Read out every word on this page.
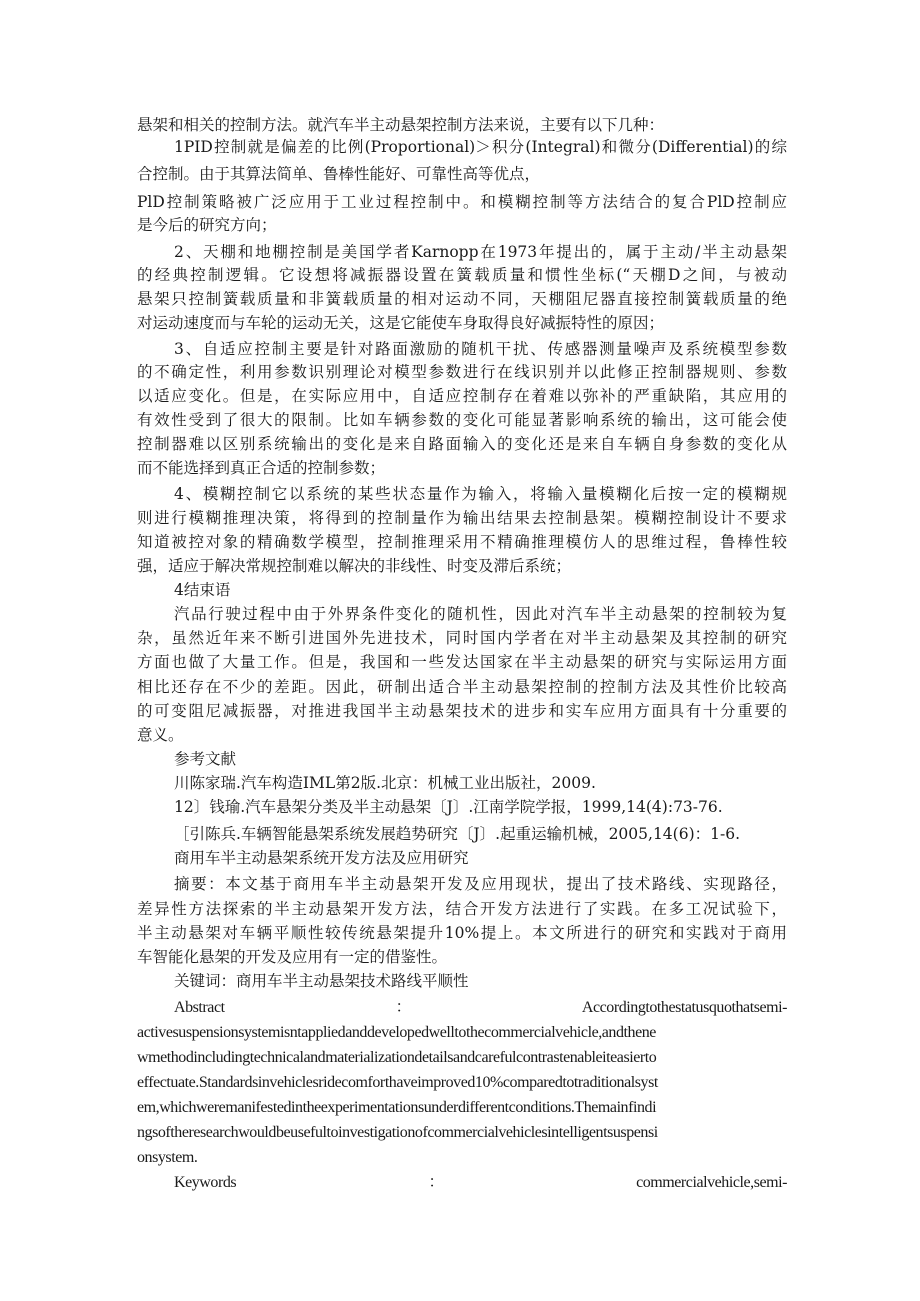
悬架和相关的控制方法。就汽车半主动悬架控制方法来说，主要有以下几种：
1PID控制就是偏差的比例(Proportional)＞积分(Integral)和微分(Differential)的综
合控制。由于其算法简单、鲁棒性能好、可靠性高等优点，
PlD控制策略被广泛应用于工业过程控制中。和模糊控制等方法结合的复合PlD控制应
是今后的研究方向；
2、天棚和地棚控制是美国学者Karnopp在1973年提出的，属于主动/半主动悬架
的经典控制逻辑。它设想将减振器设置在簧载质量和惯性坐标(“天棚D之间，与被动
悬架只控制簧载质量和非簧载质量的相对运动不同，天棚阻尼器直接控制簧载质量的绝
对运动速度而与车轮的运动无关，这是它能使车身取得良好减振特性的原因；
3、自适应控制主要是针对路面激励的随机干扰、传感器测量噪声及系统模型参数
的不确定性，利用参数识别理论对模型参数进行在线识别并以此修正控制器规则、参数
以适应变化。但是，在实际应用中，自适应控制存在着难以弥补的严重缺陷，其应用的
有效性受到了很大的限制。比如车辆参数的变化可能显著影响系统的输出，这可能会使
控制器难以区别系统输出的变化是来自路面输入的变化还是来自车辆自身参数的变化从
而不能选择到真正合适的控制参数；
4、模糊控制它以系统的某些状态量作为输入，将输入量模糊化后按一定的模糊规
则进行模糊推理决策，将得到的控制量作为输出结果去控制悬架。模糊控制设计不要求
知道被控对象的精确数学模型，控制推理采用不精确推理模仿人的思维过程，鲁棒性较
强，适应于解决常规控制难以解决的非线性、时变及滞后系统；
4结束语
汽品行驶过程中由于外界条件变化的随机性，因此对汽车半主动悬架的控制较为复
杂，虽然近年来不断引进国外先进技术，同时国内学者在对半主动悬架及其控制的研究
方面也做了大量工作。但是，我国和一些发达国家在半主动悬架的研究与实际运用方面
相比还存在不少的差距。因此，研制出适合半主动悬架控制的控制方法及其性价比较高
的可变阻尼减振器，对推进我国半主动悬架技术的进步和实车应用方面具有十分重要的
意义。
参考文献
川陈家瑞.汽车构造IML第2版.北京：机械工业出版社，2009.
12〕钱瑜.汽车悬架分类及半主动悬架〔J〕.江南学院学报，1999,14(4):73-76.
［引陈兵.车辆智能悬架系统发展趋势研究〔J〕.起重运输机械，2005,14(6)：1-6.
商用车半主动悬架系统开发方法及应用研究
摘要：本文基于商用车半主动悬架开发及应用现状，提出了技术路线、实现路径，
差异性方法探索的半主动悬架开发方法，结合开发方法进行了实践。在多工况试验下，
半主动悬架对车辆平顺性较传统悬架提升10%提上。本文所进行的研究和实践对于商用
车智能化悬架的开发及应用有一定的借鉴性。
关键词：商用车半主动悬架技术路线平顺性
Abstract	：	Accordingtothestatusquothatsemi-
activesuspensionsystemisntappliedanddevelopedwelltothecommercialvehicle,andthene
wmethodincludingtechnicalandmaterializationdetailsandcarefulcontrastenableiteasierto
effectuate.Standardsinvehiclesridecomforthaveimproved10%comparedtotraditionalsyst
em,whichweremanifestedintheexperimentationsunderdifferentconditions.Themainfindi
ngsoftheresearchwouldbeusefultoinvestigationofcommercialvehiclesintelligentsuspensi
onsystem.
Keywords	：	commercialvehicle,semi-
